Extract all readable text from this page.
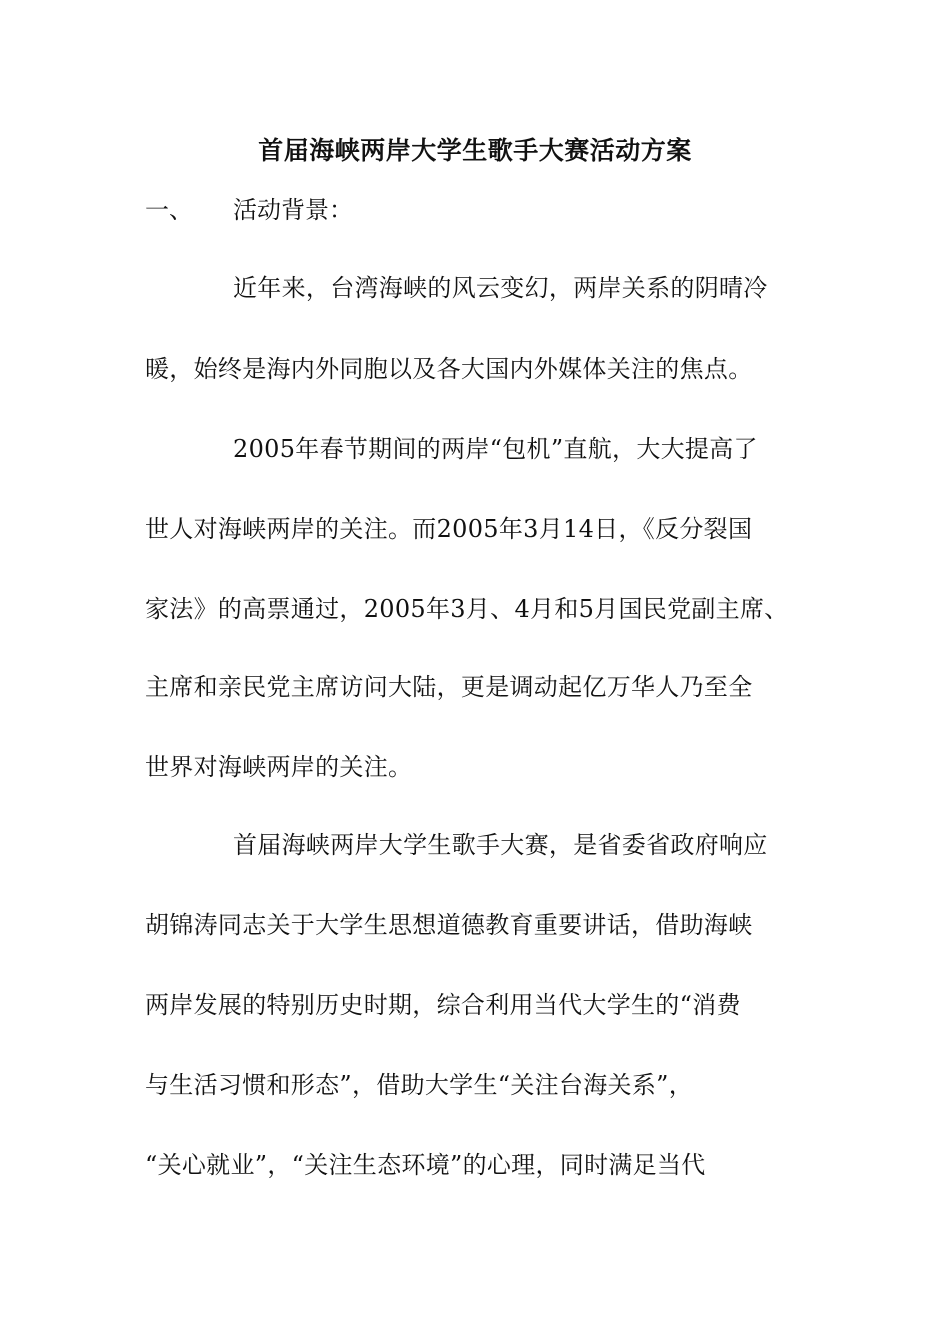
首届海峡两岸大学生歌手大赛活动方案
一、 活动背景：
近年来，台湾海峡的风云变幻，两岸关系的阴晴冷
暖，始终是海内外同胞以及各大国内外媒体关注的焦点。
2005年春节期间的两岸“包机”直航，大大提高了
世人对海峡两岸的关注。而2005年3月14日，《反分裂国
家法》的高票通过，2005年3月、4月和5月国民党副主席、
主席和亲民党主席访问大陆，更是调动起亿万华人乃至全
世界对海峡两岸的关注。
首届海峡两岸大学生歌手大赛，是省委省政府响应
胡锦涛同志关于大学生思想道德教育重要讲话，借助海峡
两岸发展的特别历史时期，综合利用当代大学生的“消费
与生活习惯和形态”，借助大学生“关注台海关系”，
“关心就业”，“关注生态环境”的心理，同时满足当代
